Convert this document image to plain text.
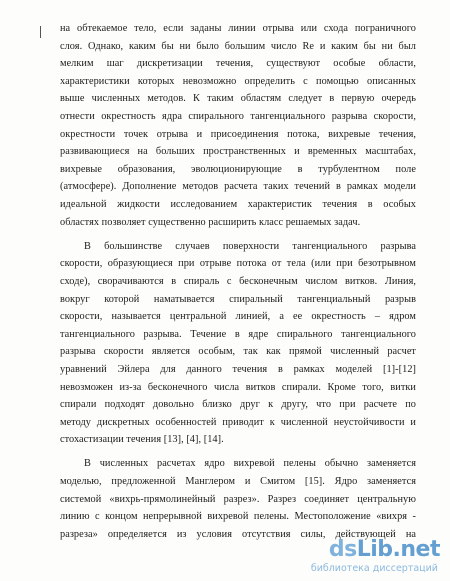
на обтекаемое тело, если заданы линии отрыва или схода пограничного
слоя. Однако, каким бы ни было большим число Re и каким бы ни был
мелким шаг дискретизации течения, существуют особые области,
характеристики которых невозможно определить с помощью описанных
выше численных методов. К таким областям следует в первую очередь
отнести окрестность ядра спирального тангенциального разрыва скорости,
окрестности точек отрыва и присоединения потока, вихревые течения,
развивающиеся на больших пространственных и временных масштабах,
вихревые образования, эволюционирующие в турбулентном поле
(атмосфере). Дополнение методов расчета таких течений в рамках модели
идеальной жидкости исследованием характеристик течения в особых
областях позволяет существенно расширить класс решаемых задач.
В большинстве случаев поверхности тангенциального разрыва
скорости, образующиеся при отрыве потока от тела (или при безотрывном
сходе), сворачиваются в спираль с бесконечным числом витков. Линия,
вокруг которой наматывается спиральный тангенциальный разрыв
скорости, называется центральной линией, а ее окрестность – ядром
тангенциального разрыва. Течение в ядре спирального тангенциального
разрыва скорости является особым, так как прямой численный расчет
уравнений Эйлера для данного течения в рамках моделей [1]-[12]
невозможен из-за бесконечного числа витков спирали. Кроме того, витки
спирали подходят довольно близко друг к другу, что при расчете по
методу дискретных особенностей приводит к численной неустойчивости и
стохастизации течения [13], [4], [14].
В численных расчетах ядро вихревой пелены обычно заменяется
моделью, предложенной Манглером и Смитом [15]. Ядро заменяется
системой «вихрь-прямолинейный разрез». Разрез соединяет центральную
линию с концом непрерывной вихревой пелены. Местоположение «вихря -
разреза» определяется из условия отсутствия силы, действующей на
dsLib.net
библиотека диссертаций
